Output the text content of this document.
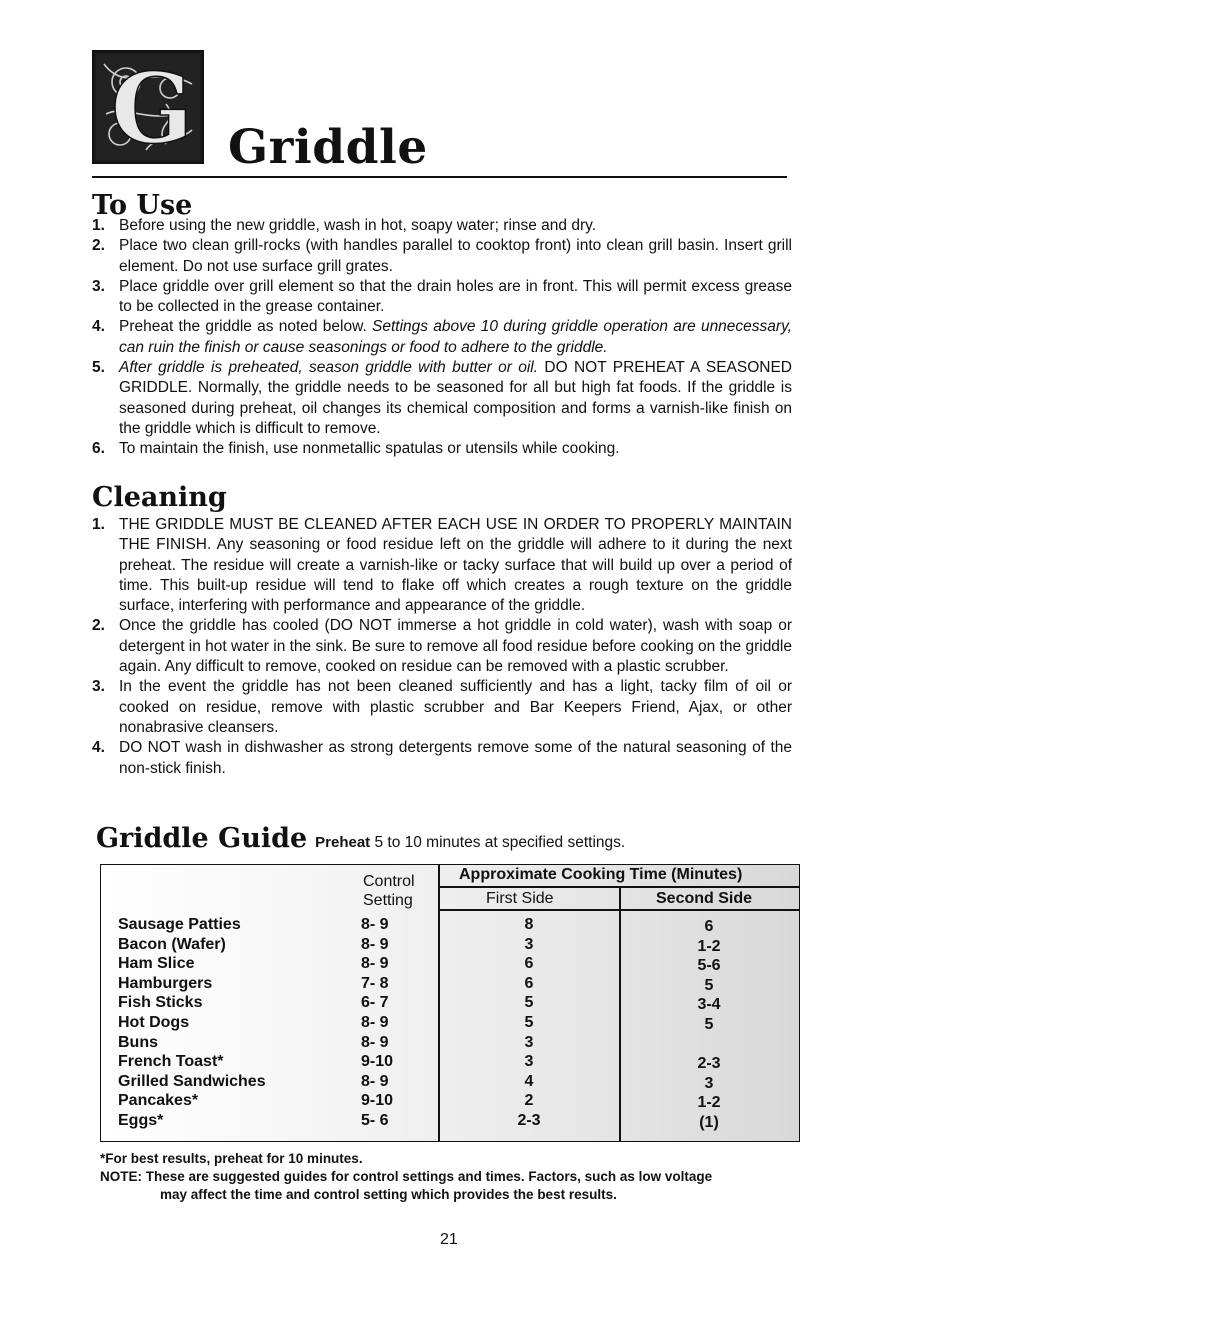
G Griddle
To Use
1. Before using the new griddle, wash in hot, soapy water; rinse and dry.
2. Place two clean grill-rocks (with handles parallel to cooktop front) into clean grill basin. Insert grill element. Do not use surface grill grates.
3. Place griddle over grill element so that the drain holes are in front. This will permit excess grease to be collected in the grease container.
4. Preheat the griddle as noted below. Settings above 10 during griddle operation are unnecessary, can ruin the finish or cause seasonings or food to adhere to the griddle.
5. After griddle is preheated, season griddle with butter or oil. DO NOT PREHEAT A SEASONED GRIDDLE. Normally, the griddle needs to be seasoned for all but high fat foods. If the griddle is seasoned during preheat, oil changes its chemical composition and forms a varnish-like finish on the griddle which is difficult to remove.
6. To maintain the finish, use nonmetallic spatulas or utensils while cooking.
Cleaning
1. THE GRIDDLE MUST BE CLEANED AFTER EACH USE IN ORDER TO PROPERLY MAINTAIN THE FINISH. Any seasoning or food residue left on the griddle will adhere to it during the next preheat. The residue will create a varnish-like or tacky surface that will build up over a period of time. This built-up residue will tend to flake off which creates a rough texture on the griddle surface, interfering with performance and appearance of the griddle.
2. Once the griddle has cooled (DO NOT immerse a hot griddle in cold water), wash with soap or detergent in hot water in the sink. Be sure to remove all food residue before cooking on the griddle again. Any difficult to remove, cooked on residue can be removed with a plastic scrubber.
3. In the event the griddle has not been cleaned sufficiently and has a light, tacky film of oil or cooked on residue, remove with plastic scrubber and Bar Keepers Friend, Ajax, or other nonabrasive cleansers.
4. DO NOT wash in dishwasher as strong detergents remove some of the natural seasoning of the non-stick finish.
Griddle Guide Preheat 5 to 10 minutes at specified settings.
Control
Setting
Approximate Cooking Time (Minutes)
First Side	Second Side
Sausage Patties
Bacon (Wafer)
Ham Slice
Hamburgers
Fish Sticks
Hot Dogs
Buns
French Toast*
Grilled Sandwiches
Pancakes*
Eggs*
8- 9
8- 9
8- 9
7- 8
6- 7
8- 9
8- 9
9-10
8- 9
9-10
5- 6
8
3
6
6
5
5
3
3
4
2
2-3
6
1-2
5-6
5
3-4
5

2-3
3
1-2
(1)
*For best results, preheat for 10 minutes.
NOTE: These are suggested guides for control settings and times. Factors, such as low voltage
may affect the time and control setting which provides the best results.
21
